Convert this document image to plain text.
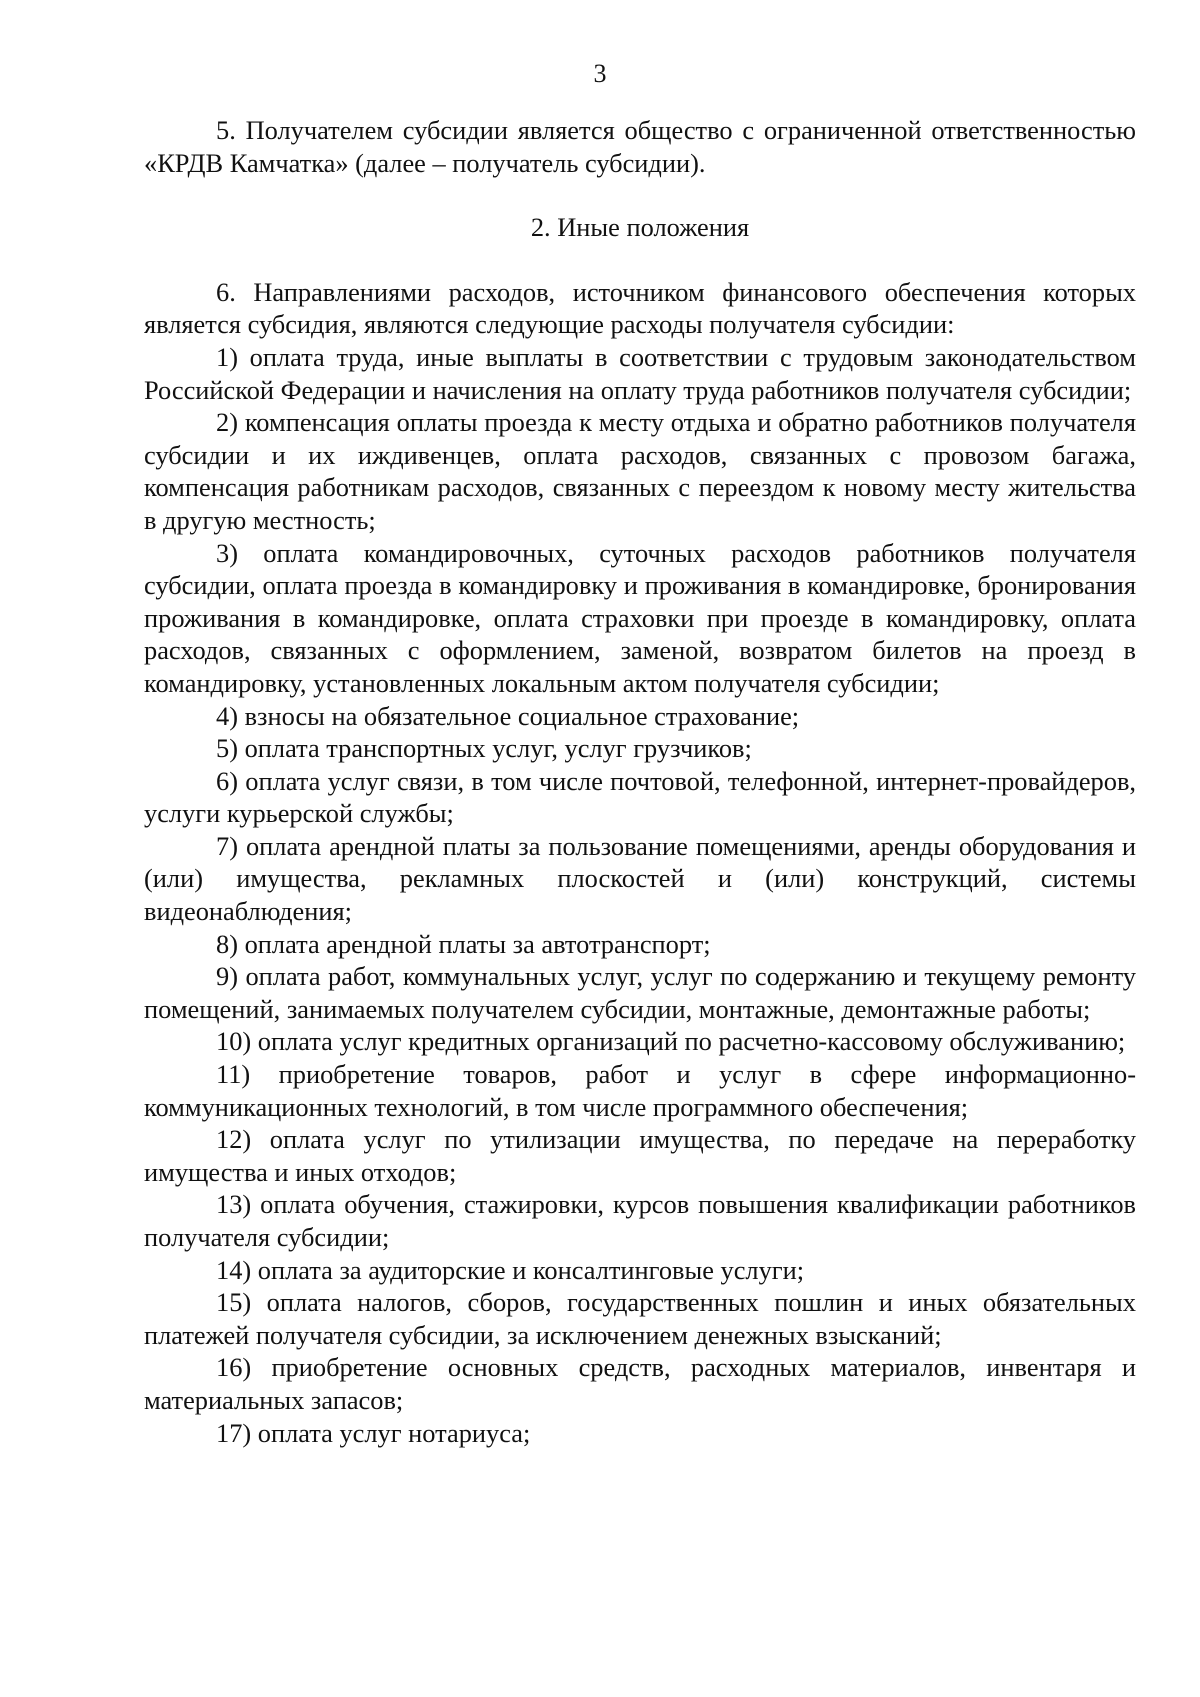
3

5. Получателем субсидии является общество с ограниченной ответственностью «КРДВ Камчатка» (далее – получатель субсидии).

2. Иные положения

6. Направлениями расходов, источником финансового обеспечения которых является субсидия, являются следующие расходы получателя субсидии:

1) оплата труда, иные выплаты в соответствии с трудовым законодательством Российской Федерации и начисления на оплату труда работников получателя субсидии;

2) компенсация оплаты проезда к месту отдыха и обратно работников получателя субсидии и их иждивенцев, оплата расходов, связанных с провозом багажа, компенсация работникам расходов, связанных с переездом к новому месту жительства в другую местность;

3) оплата командировочных, суточных расходов работников получателя субсидии, оплата проезда в командировку и проживания в командировке, бронирования проживания в командировке, оплата страховки при проезде в командировку, оплата расходов, связанных с оформлением, заменой, возвратом билетов на проезд в командировку, установленных локальным актом получателя субсидии;

4) взносы на обязательное социальное страхование;

5) оплата транспортных услуг, услуг грузчиков;

6) оплата услуг связи, в том числе почтовой, телефонной, интернет-провайдеров, услуги курьерской службы;

7) оплата арендной платы за пользование помещениями, аренды оборудования и (или) имущества, рекламных плоскостей и (или) конструкций, системы видеонаблюдения;

8) оплата арендной платы за автотранспорт;

9) оплата работ, коммунальных услуг, услуг по содержанию и текущему ремонту помещений, занимаемых получателем субсидии, монтажные, демонтажные работы;

10) оплата услуг кредитных организаций по расчетно-кассовому обслуживанию;

11) приобретение товаров, работ и услуг в сфере информационно-коммуникационных технологий, в том числе программного обеспечения;

12) оплата услуг по утилизации имущества, по передаче на переработку имущества и иных отходов;

13) оплата обучения, стажировки, курсов повышения квалификации работников получателя субсидии;

14) оплата за аудиторские и консалтинговые услуги;

15) оплата налогов, сборов, государственных пошлин и иных обязательных платежей получателя субсидии, за исключением денежных взысканий;

16) приобретение основных средств, расходных материалов, инвентаря и материальных запасов;

17) оплата услуг нотариуса;
